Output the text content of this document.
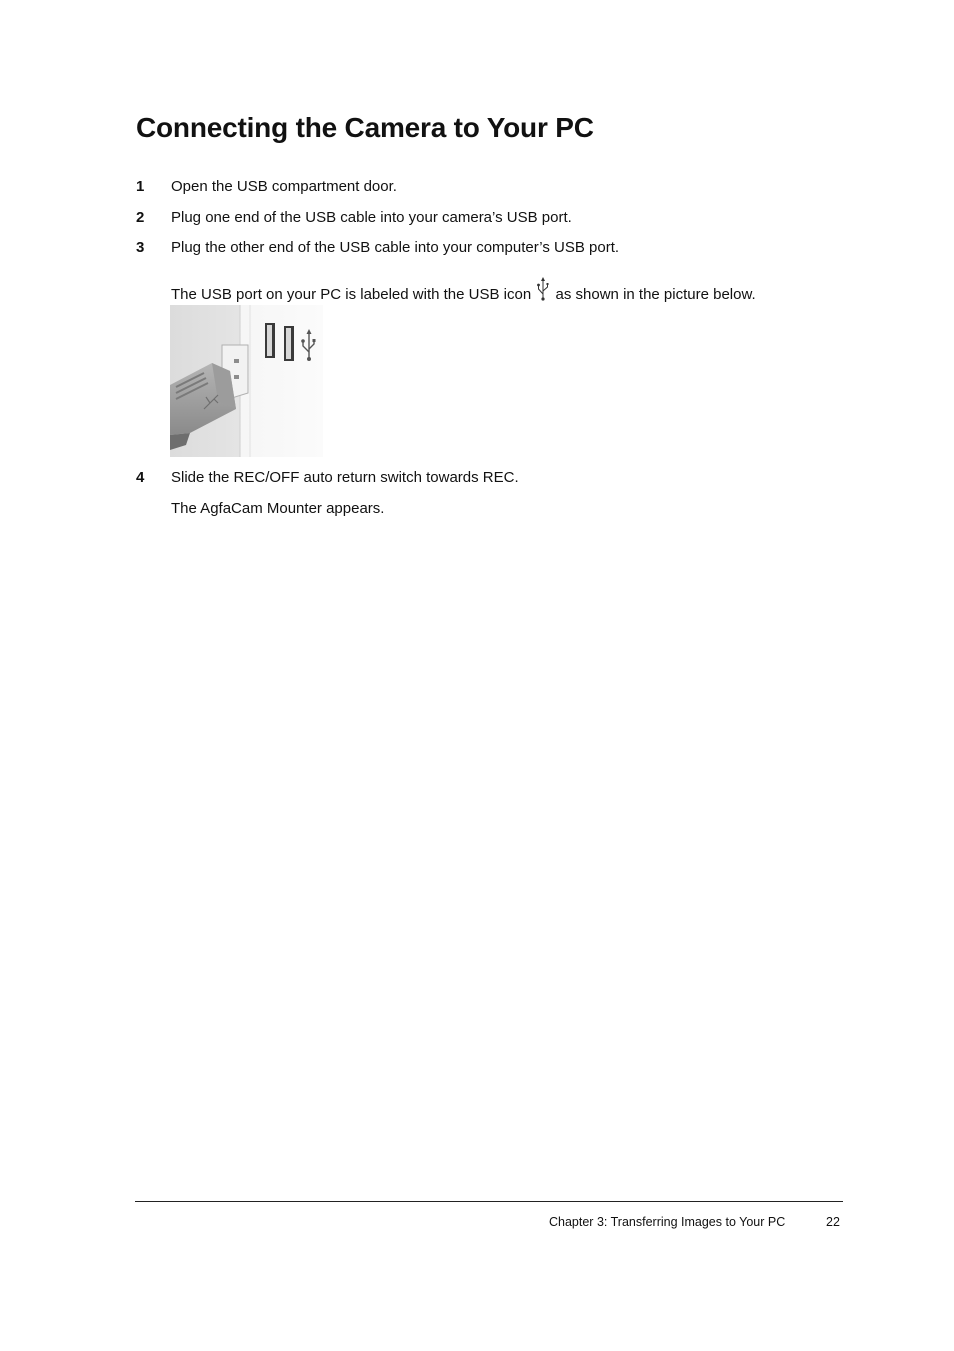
Connecting the Camera to Your PC
1 Open the USB compartment door.
2 Plug one end of the USB cable into your camera’s USB port.
3 Plug the other end of the USB cable into your computer’s USB port.
The USB port on your PC is labeled with the USB icon as shown in the picture below.
4 Slide the REC/OFF auto return switch towards REC.
The AgfaCam Mounter appears.
Chapter 3: Transferring Images to Your PC	22
